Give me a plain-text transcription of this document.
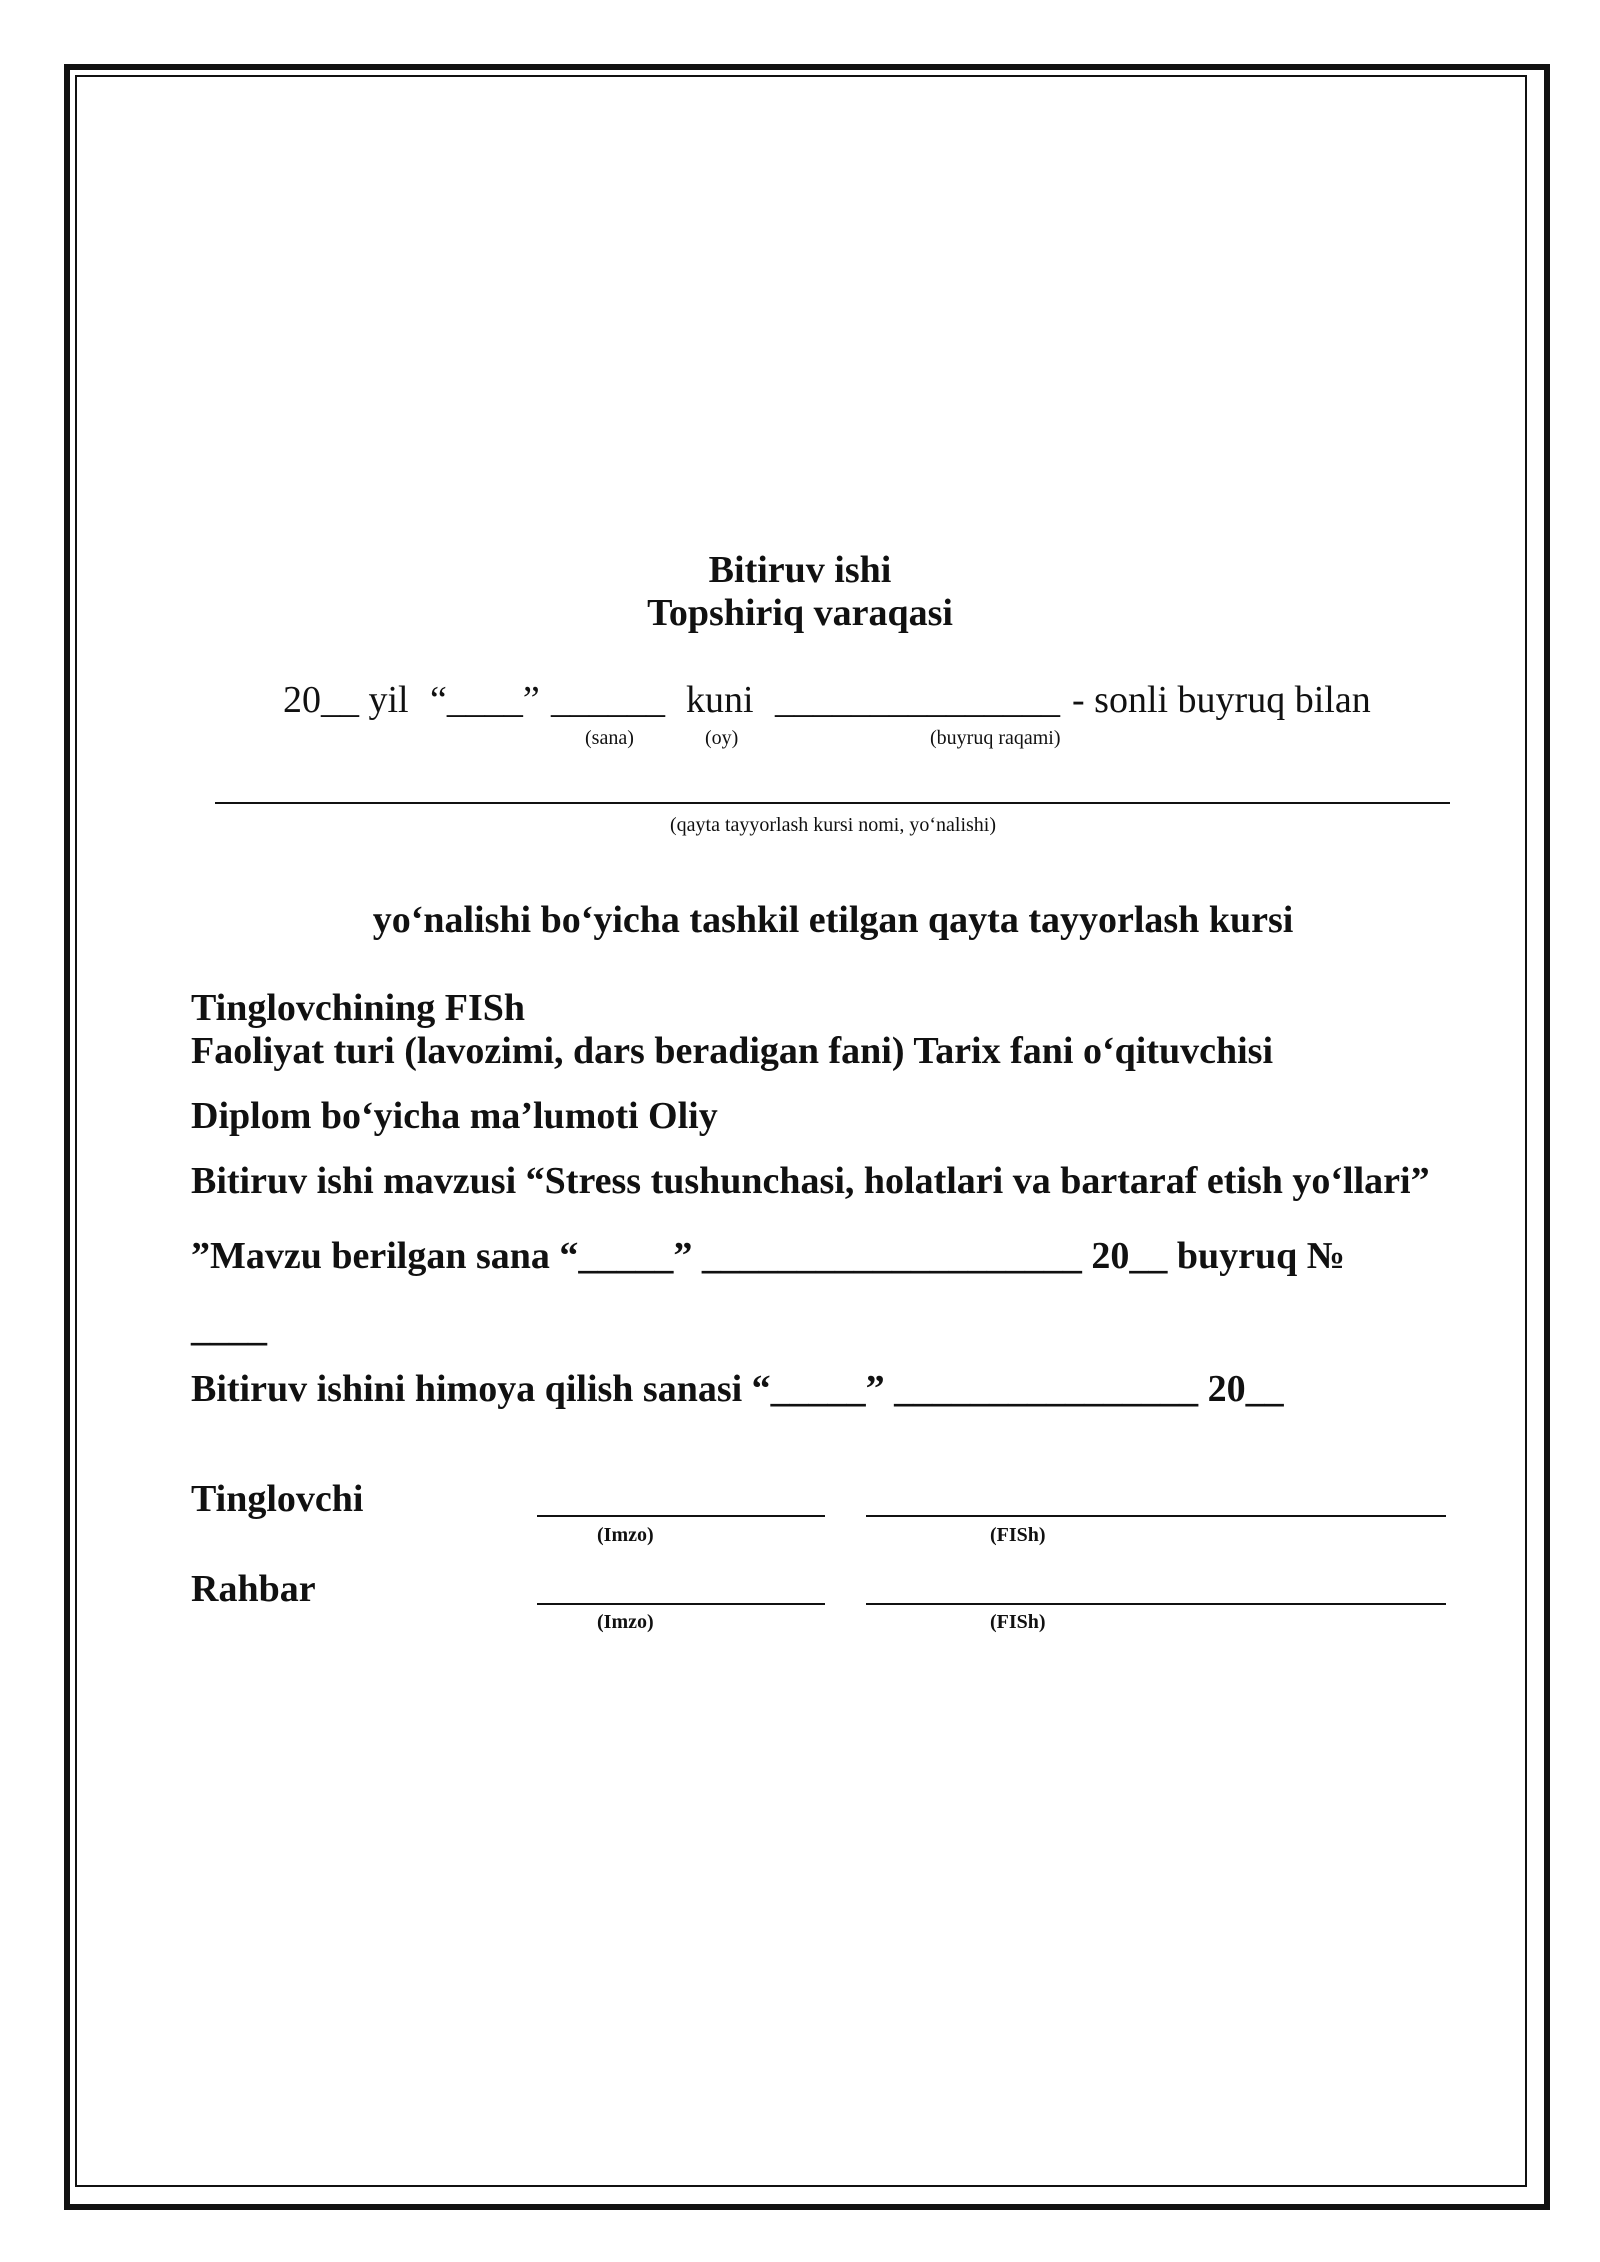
Bitiruv ishi
Topshiriq varaqasi
20__ yil “____” ______ kuni _______________ - sonli buyruq bilan
(sana)	(oy)	(buyruq raqami)
(qayta tayyorlash kursi nomi, yo‘nalishi)
yo‘nalishi bo‘yicha tashkil etilgan qayta tayyorlash kursi
Tinglovchining FISh
Faoliyat turi (lavozimi, dars beradigan fani) Tarix fani o‘qituvchisi
Diplom bo‘yicha ma’lumoti Oliy
Bitiruv ishi mavzusi “Stress tushunchasi, holatlari va bartaraf etish yo‘llari”
”Mavzu berilgan sana “_____” ____________________ 20__ buyruq №
____
Bitiruv ishini himoya qilish sanasi “_____” ________________ 20__
Tinglovchi
(Imzo)	(FISh)
Rahbar
(Imzo)	(FISh)
